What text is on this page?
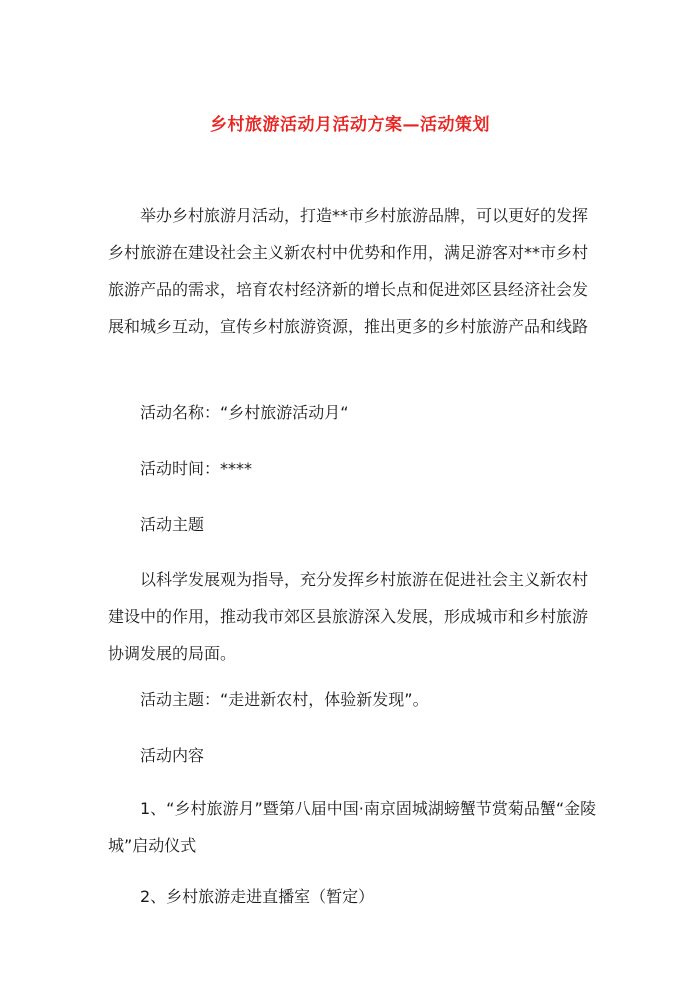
乡村旅游活动月活动方案—活动策划

举办乡村旅游月活动，打造**市乡村旅游品牌，可以更好的发挥乡村旅游在建设社会主义新农村中优势和作用，满足游客对**市乡村旅游产品的需求，培育农村经济新的增长点和促进郊区县经济社会发展和城乡互动，宣传乡村旅游资源，推出更多的乡村旅游产品和线路

活动名称：“乡村旅游活动月“

活动时间：****

活动主题

以科学发展观为指导，充分发挥乡村旅游在促进社会主义新农村建设中的作用，推动我市郊区县旅游深入发展，形成城市和乡村旅游协调发展的局面。

活动主题：“走进新农村，体验新发现”。

活动内容

1、“乡村旅游月”暨第八届中国·南京固城湖螃蟹节赏菊品蟹“金陵城”启动仪式

2、乡村旅游走进直播室（暂定）
